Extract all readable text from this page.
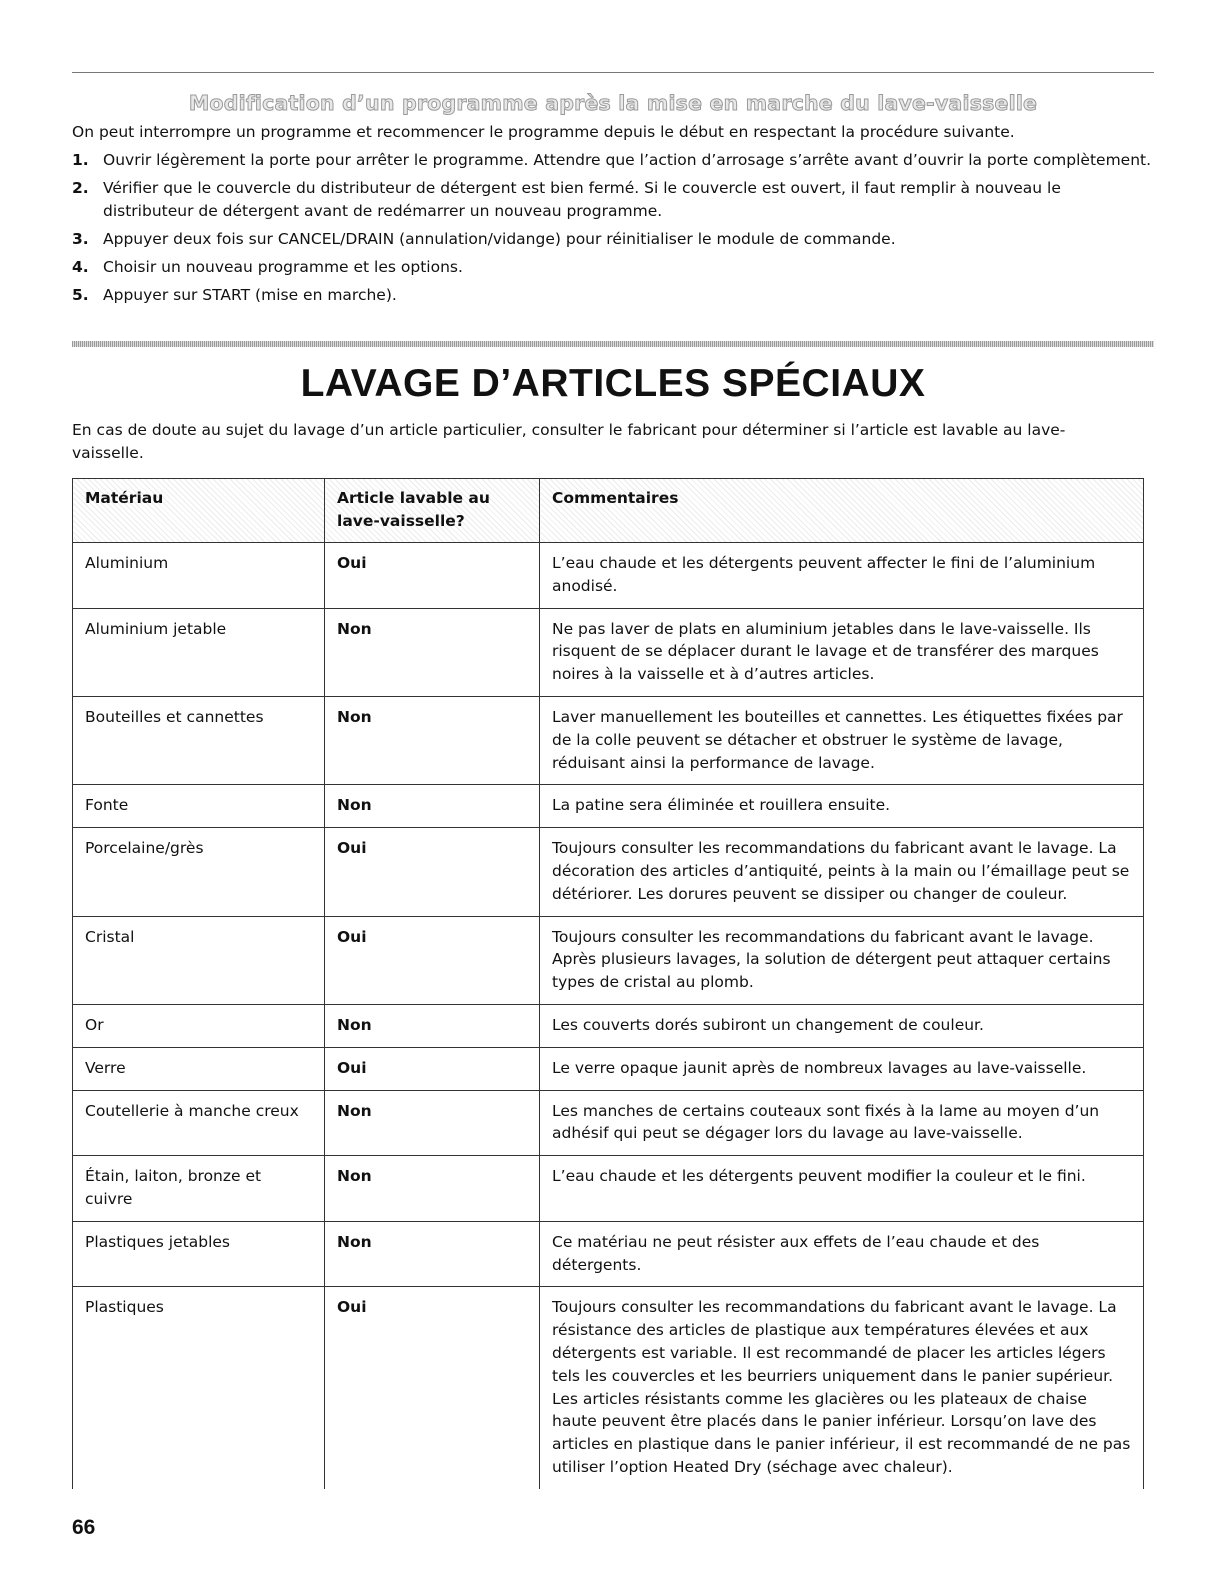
Modification d’un programme après la mise en marche du lave-vaisselle

On peut interrompre un programme et recommencer le programme depuis le début en respectant la procédure suivante.

1. Ouvrir légèrement la porte pour arrêter le programme. Attendre que l’action d’arrosage s’arrête avant d’ouvrir la porte complètement.
2. Vérifier que le couvercle du distributeur de détergent est bien fermé. Si le couvercle est ouvert, il faut remplir à nouveau le distributeur de détergent avant de redémarrer un nouveau programme.
3. Appuyer deux fois sur CANCEL/DRAIN (annulation/vidange) pour réinitialiser le module de commande.
4. Choisir un nouveau programme et les options.
5. Appuyer sur START (mise en marche).
LAVAGE D’ARTICLES SPÉCIAUX

En cas de doute au sujet du lavage d’un article particulier, consulter le fabricant pour déterminer si l’article est lavable au lave-vaisselle.

Matériau	Article lavable au lave-vaisselle?	Commentaires
Aluminium	Oui	L’eau chaude et les détergents peuvent affecter le fini de l’aluminium anodisé.
Aluminium jetable	Non	Ne pas laver de plats en aluminium jetables dans le lave-vaisselle. Ils risquent de se déplacer durant le lavage et de transférer des marques noires à la vaisselle et à d’autres articles.
Bouteilles et cannettes	Non	Laver manuellement les bouteilles et cannettes. Les étiquettes fixées par de la colle peuvent se détacher et obstruer le système de lavage, réduisant ainsi la performance de lavage.
Fonte	Non	La patine sera éliminée et rouillera ensuite.
Porcelaine/grès	Oui	Toujours consulter les recommandations du fabricant avant le lavage. La décoration des articles d’antiquité, peints à la main ou l’émaillage peut se détériorer. Les dorures peuvent se dissiper ou changer de couleur.
Cristal	Oui	Toujours consulter les recommandations du fabricant avant le lavage. Après plusieurs lavages, la solution de détergent peut attaquer certains types de cristal au plomb.
Or	Non	Les couverts dorés subiront un changement de couleur.
Verre	Oui	Le verre opaque jaunit après de nombreux lavages au lave-vaisselle.
Coutellerie à manche creux	Non	Les manches de certains couteaux sont fixés à la lame au moyen d’un adhésif qui peut se dégager lors du lavage au lave-vaisselle.
Étain, laiton, bronze et cuivre	Non	L’eau chaude et les détergents peuvent modifier la couleur et le fini.
Plastiques jetables	Non	Ce matériau ne peut résister aux effets de l’eau chaude et des détergents.
Plastiques	Oui	Toujours consulter les recommandations du fabricant avant le lavage. La résistance des articles de plastique aux températures élevées et aux détergents est variable. Il est recommandé de placer les articles légers tels les couvercles et les beurriers uniquement dans le panier supérieur. Les articles résistants comme les glacières ou les plateaux de chaise haute peuvent être placés dans le panier inférieur. Lorsqu’on lave des articles en plastique dans le panier inférieur, il est recommandé de ne pas utiliser l’option Heated Dry (séchage avec chaleur).
66
